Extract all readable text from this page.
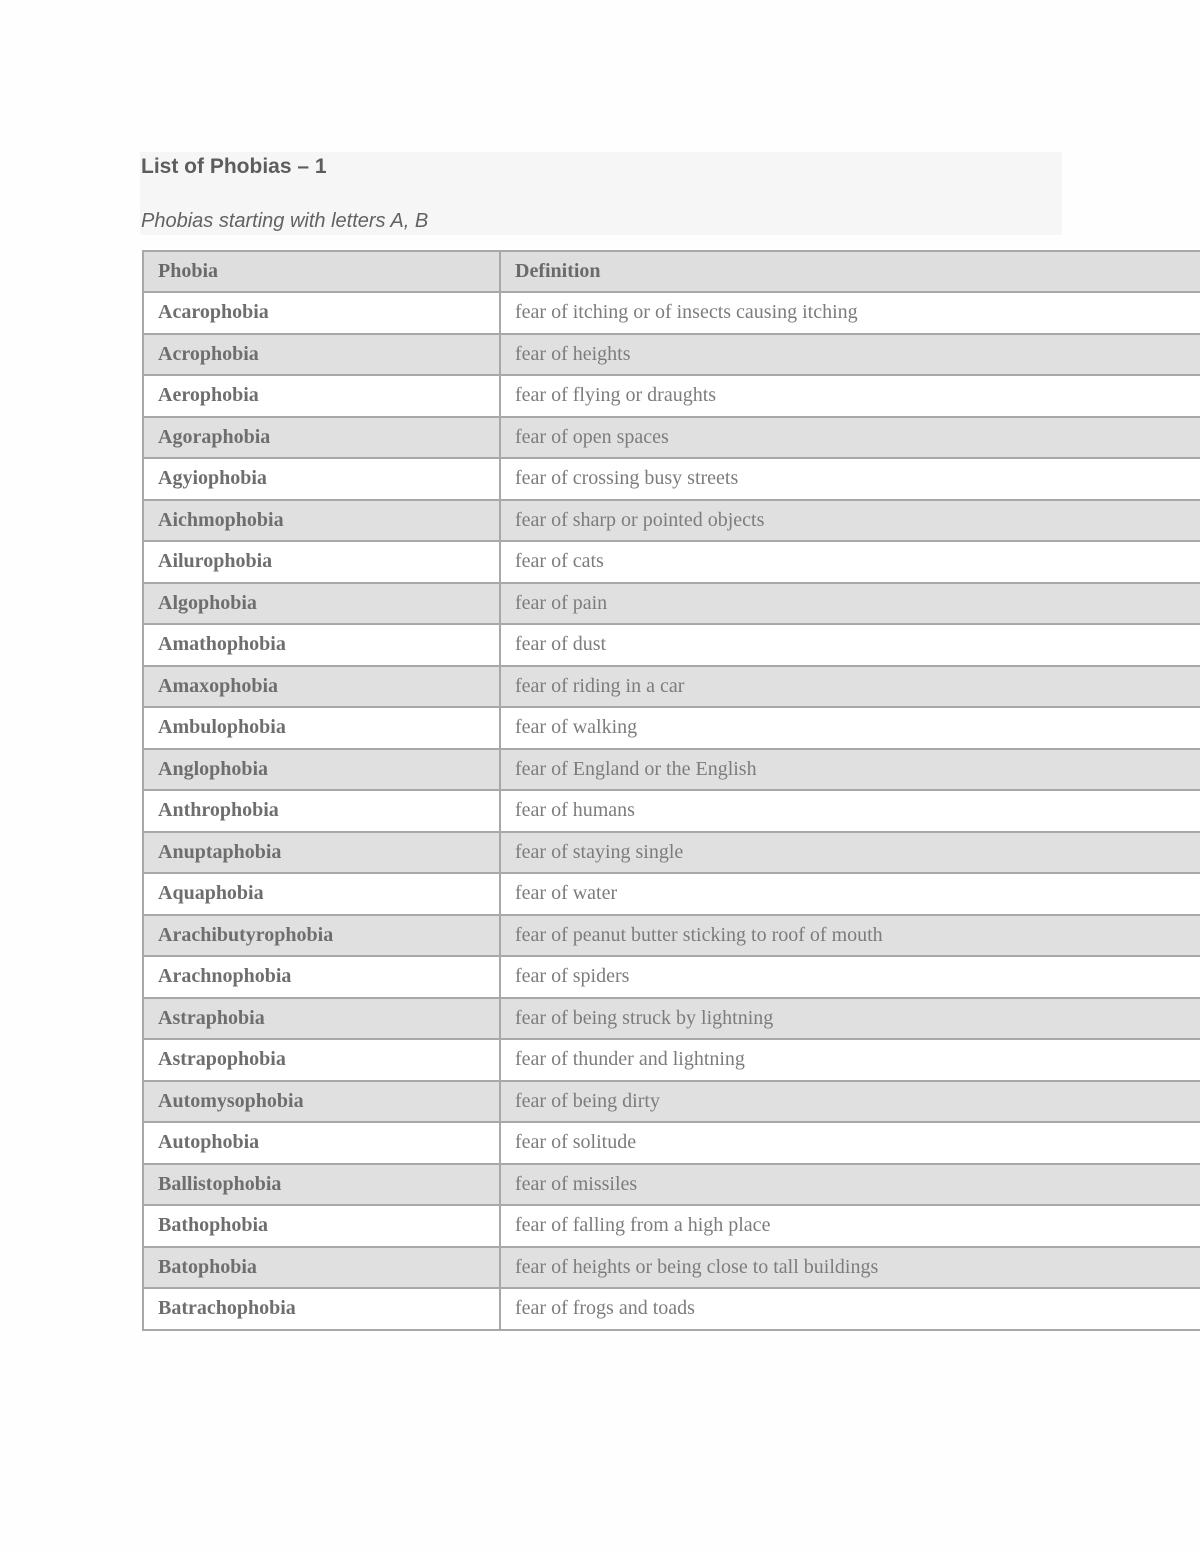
List of Phobias – 1
Phobias starting with letters A, B
Phobia	Definition
Acarophobia	fear of itching or of insects causing itching
Acrophobia	fear of heights
Aerophobia	fear of flying or draughts
Agoraphobia	fear of open spaces
Agyiophobia	fear of crossing busy streets
Aichmophobia	fear of sharp or pointed objects
Ailurophobia	fear of cats
Algophobia	fear of pain
Amathophobia	fear of dust
Amaxophobia	fear of riding in a car
Ambulophobia	fear of walking
Anglophobia	fear of England or the English
Anthrophobia	fear of humans
Anuptaphobia	fear of staying single
Aquaphobia	fear of water
Arachibutyrophobia	fear of peanut butter sticking to roof of mouth
Arachnophobia	fear of spiders
Astraphobia	fear of being struck by lightning
Astrapophobia	fear of thunder and lightning
Automysophobia	fear of being dirty
Autophobia	fear of solitude
Ballistophobia	fear of missiles
Bathophobia	fear of falling from a high place
Batophobia	fear of heights or being close to tall buildings
Batrachophobia	fear of frogs and toads
